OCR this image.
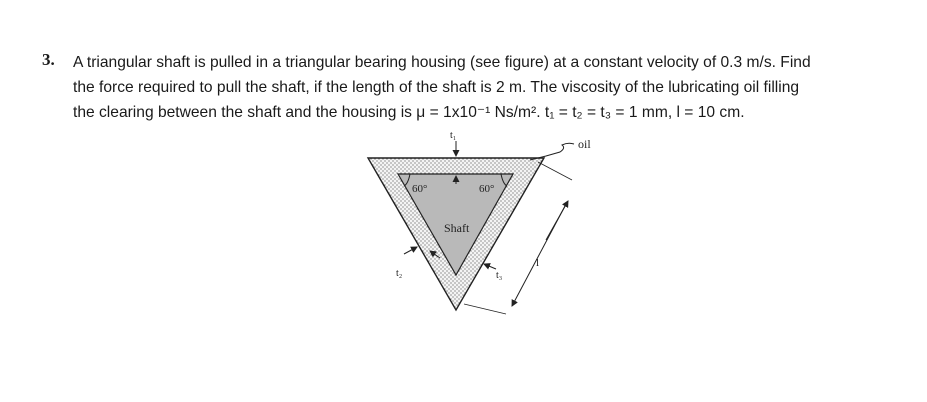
3. A triangular shaft is pulled in a triangular bearing housing (see figure) at a constant velocity of 0.3 m/s. Find
the force required to pull the shaft, if the length of the shaft is 2 m. The viscosity of the lubricating oil filling
the clearing between the shaft and the housing is μ = 1x10⁻¹ Ns/m². t₁ = t₂ = t₃ = 1 mm, l = 10 cm.
t₁
60°	60°
Shaft
t₂	t₃
oil
l
